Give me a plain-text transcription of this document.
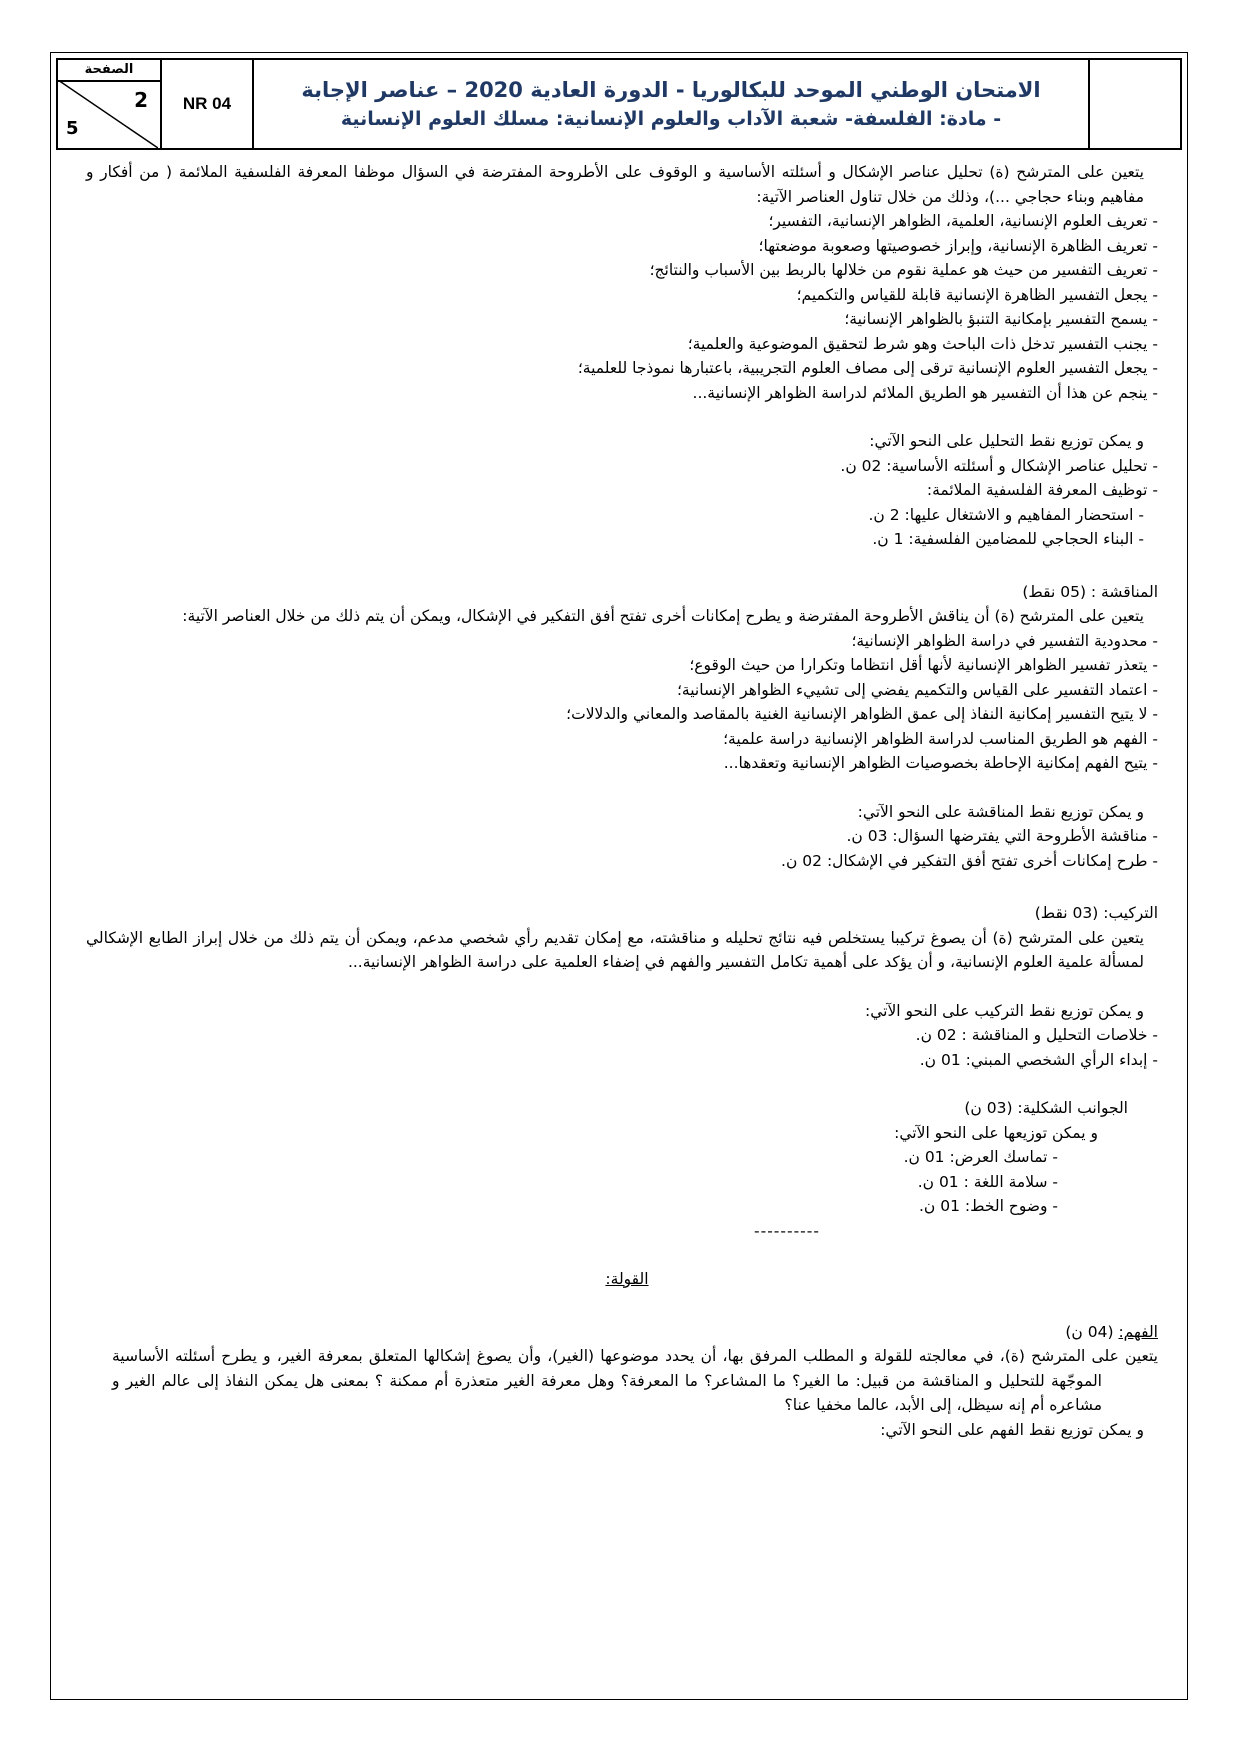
الصفحة
2
5
NR 04
الامتحان الوطني الموحد للبكالوريا - الدورة العادية 2020 – عناصر الإجابة
- مادة: الفلسفة- شعبة الآداب والعلوم الإنسانية: مسلك العلوم الإنسانية

يتعين على المترشح (ة) تحليل عناصر الإشكال و أسئلته الأساسية و الوقوف على الأطروحة المفترضة في السؤال موظفا المعرفة الفلسفية الملائمة ( من أفكار و مفاهيم وبناء حجاجي ...)، وذلك من خلال تناول العناصر الآتية:

- تعريف العلوم الإنسانية، العلمية، الظواهر الإنسانية، التفسير؛

- تعريف الظاهرة الإنسانية، وإبراز خصوصيتها وصعوبة موضعتها؛

- تعريف التفسير من حيث هو عملية نقوم من خلالها بالربط بين الأسباب والنتائج؛

- يجعل التفسير الظاهرة الإنسانية قابلة للقياس والتكميم؛

- يسمح التفسير بإمكانية التنبؤ بالظواهر الإنسانية؛

- يجنب التفسير تدخل ذات الباحث وهو شرط لتحقيق الموضوعية والعلمية؛

- يجعل التفسير العلوم الإنسانية ترقى إلى مصاف العلوم التجريبية، باعتبارها نموذجا للعلمية؛

- ينجم عن هذا أن التفسير هو الطريق الملائم لدراسة الظواهر الإنسانية...

و يمكن توزيع نقط التحليل على النحو الآتي:

- تحليل عناصر الإشكال و أسئلته الأساسية: 02 ن.

- توظيف المعرفة الفلسفية الملائمة:

- استحضار المفاهيم و الاشتغال عليها: 2 ن.

- البناء الحجاجي للمضامين الفلسفية: 1 ن.

المناقشة : (05 نقط)

يتعين على المترشح (ة) أن يناقش الأطروحة المفترضة و يطرح إمكانات أخرى تفتح أفق التفكير في الإشكال، ويمكن أن يتم ذلك من خلال العناصر الآتية:

- محدودية التفسير في دراسة الظواهر الإنسانية؛

- يتعذر تفسير الظواهر الإنسانية لأنها أقل انتظاما وتكرارا من حيث الوقوع؛

- اعتماد التفسير على القياس والتكميم يفضي إلى تشييء الظواهر الإنسانية؛

- لا يتيح التفسير إمكانية النفاذ إلى عمق الظواهر الإنسانية الغنية بالمقاصد والمعاني والدلالات؛

- الفهم هو الطريق المناسب لدراسة الظواهر الإنسانية دراسة علمية؛

- يتيح الفهم إمكانية الإحاطة بخصوصيات الظواهر الإنسانية وتعقدها...

و يمكن توزيع نقط المناقشة على النحو الآتي:

- مناقشة الأطروحة التي يفترضها السؤال: 03 ن.

- طرح إمكانات أخرى تفتح أفق التفكير في الإشكال: 02 ن.

التركيب: (03 نقط)

يتعين على المترشح (ة) أن يصوغ تركيبا يستخلص فيه نتائج تحليله و مناقشته، مع إمكان تقديم رأي شخصي مدعم، ويمكن أن يتم ذلك من خلال إبراز الطابع الإشكالي لمسألة علمية العلوم الإنسانية، و أن يؤكد على أهمية تكامل التفسير والفهم في إضفاء العلمية على دراسة الظواهر الإنسانية...

و يمكن توزيع نقط التركيب على النحو الآتي:

- خلاصات التحليل و المناقشة : 02 ن.

- إبداء الرأي الشخصي المبني: 01 ن.

الجوانب الشكلية: (03 ن)

و يمكن توزيعها على النحو الآتي:

- تماسك العرض: 01 ن.

- سلامة اللغة : 01 ن.

- وضوح الخط: 01 ن.

----------

القولة:

الفهم: (04 ن)

يتعين على المترشح (ة)، في معالجته للقولة و المطلب المرفق بها، أن يحدد موضوعها (الغير)، وأن يصوغ إشكالها المتعلق بمعرفة الغير، و يطرح أسئلته الأساسية الموجّهة للتحليل و المناقشة من قبيل: ما الغير؟ ما المشاعر؟ ما المعرفة؟ وهل معرفة الغير متعذرة أم ممكنة ؟ بمعنى هل يمكن النفاذ إلى عالم الغير و مشاعره أم إنه سيظل، إلى الأبد، عالما مخفيا عنا؟

و يمكن توزيع نقط الفهم على النحو الآتي:
